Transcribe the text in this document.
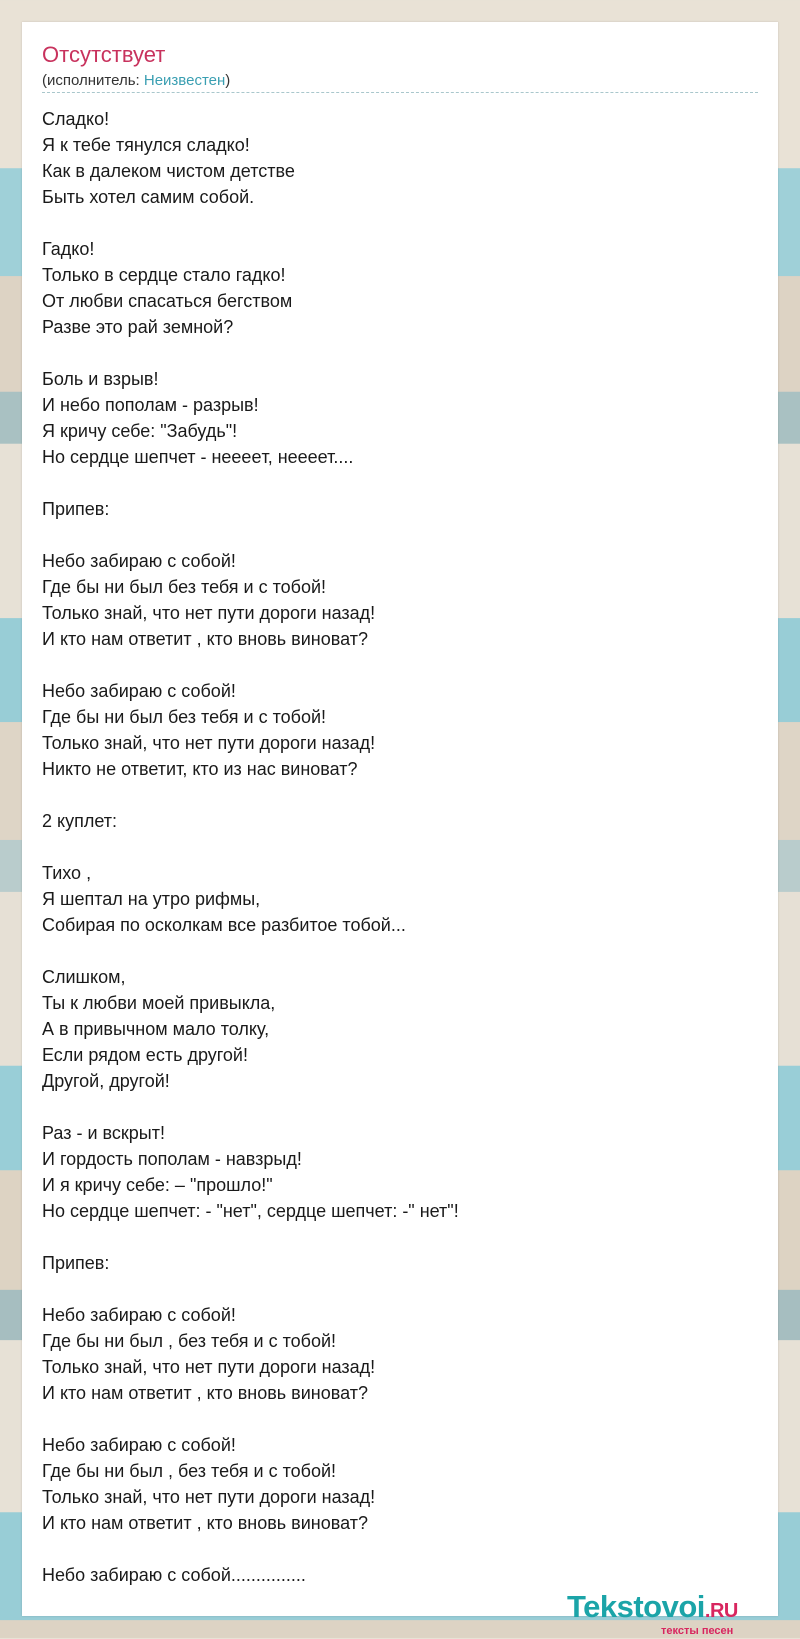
Отсутствует
(исполнитель: Неизвестен)
Сладко!
Я к тебе тянулся сладко!
Как в далеком чистом детстве
Быть хотел самим собой.
Гадко!
Только в сердце стало гадко!
От любви спасаться бегством
Разве это рай земной?
Боль и взрыв!
И небо пополам - разрыв!
Я кричу себе: "Забудь"!
Но сердце шепчет - нееeeт, неееет....
Припев:
Небо забираю с собой!
Где бы ни был без тебя и с тобой!
Только знай, что нет пути дороги назад!
И кто нам ответит , кто вновь виноват?
Небо забираю с собой!
Где бы ни был без тебя и с тобой!
Только знай, что нет пути дороги назад!
Никто не ответит, кто из нас виноват?
2 куплет:
Тихо ,
Я шептал на утро рифмы,
Собирая по осколкам все разбитое тобой...
Слишком,
Ты к любви моей привыкла,
А в привычном мало толку,
Если рядом есть другой!
Другой, другой!
Раз - и вскрыт!
И гордость пополам - навзрыд!
И я кричу себе: – "прошло!"
Но сердце шепчет: - "нет", сердце шепчет: -" нет"!
Припев:
Небо забираю с собой!
Где бы ни был , без тебя и с тобой!
Только знай, что нет пути дороги назад!
И кто нам ответит , кто вновь виноват?
Небо забираю с собой!
Где бы ни был , без тебя и с тобой!
Только знай, что нет пути дороги назад!
И кто нам ответит , кто вновь виноват?
Небо забираю с собой...............
Tekstovoi.RU
тексты песен
